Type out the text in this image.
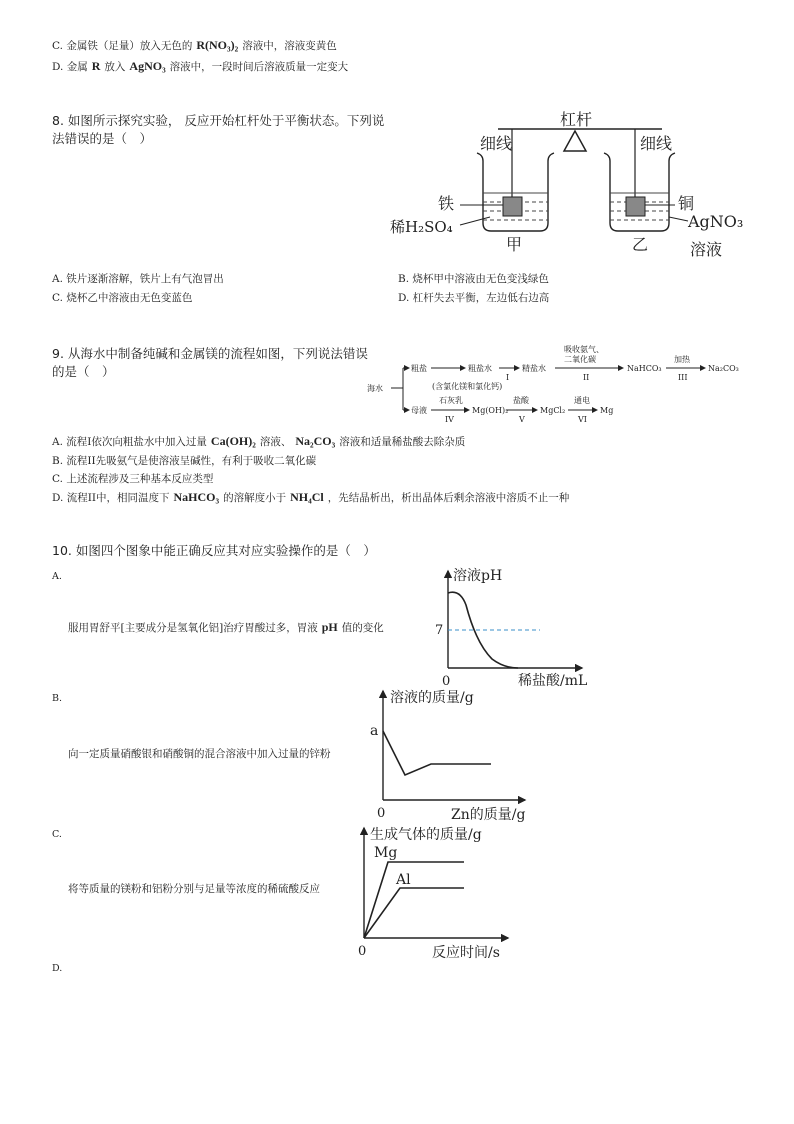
C. 金属铁（足量）放入无色的 R(NO₃)₂ 溶液中，溶液变黄色
D. 金属 R 放入 AgNO₃ 溶液中，一段时间后溶液质量一定变大
8. 如图所示探究实验， 反应开始杠杆处于平衡状态。下列说
法错误的是（　）
杠杆
细线	细线
铁
稀H₂SO₄
甲
铜
AgNO₃
溶液
乙
A. 铁片逐渐溶解，铁片上有气泡冒出	B. 烧杯甲中溶液由无色变浅绿色
C. 烧杯乙中溶液由无色变蓝色	D. 杠杆失去平衡，左边低右边高
9. 从海水中制备纯碱和金属镁的流程如图，下列说法错误
的是（　）
海水
粗盐	粗盐水
I
(含氯化镁和氯化钙)
精盐水
吸收氨气、
二氧化碳
II
NaHCO₃
加热
III
Na₂CO₃
母液
石灰乳
IV
Mg(OH)₂
盐酸
V
MgCl₂
通电
VI
Mg
A. 流程I依次向粗盐水中加入过量 Ca(OH)₂ 溶液、 Na₂CO₃ 溶液和适量稀盐酸去除杂质
B. 流程II先吸氨气是使溶液呈碱性，有利于吸收二氧化碳
C. 上述流程涉及三种基本反应类型
D. 流程II中，相同温度下 NaHCO₃ 的溶解度小于 NH₄Cl ，先结晶析出，析出晶体后剩余溶液中溶质不止一种
10. 如图四个图象中能正确反应其对应实验操作的是（　）
A.
服用胃舒平[主要成分是氢氧化铝]治疗胃酸过多，胃液 pH 值的变化
溶液pH
稀盐酸/mL
0
7
B.
向一定质量硝酸银和硝酸铜的混合溶液中加入过量的锌粉
溶液的质量/g
Zn的质量/g
0
a
C.
将等质量的镁粉和铝粉分别与足量等浓度的稀硫酸反应
生成气体的质量/g
反应时间/s
0
Mg
Al
D.
